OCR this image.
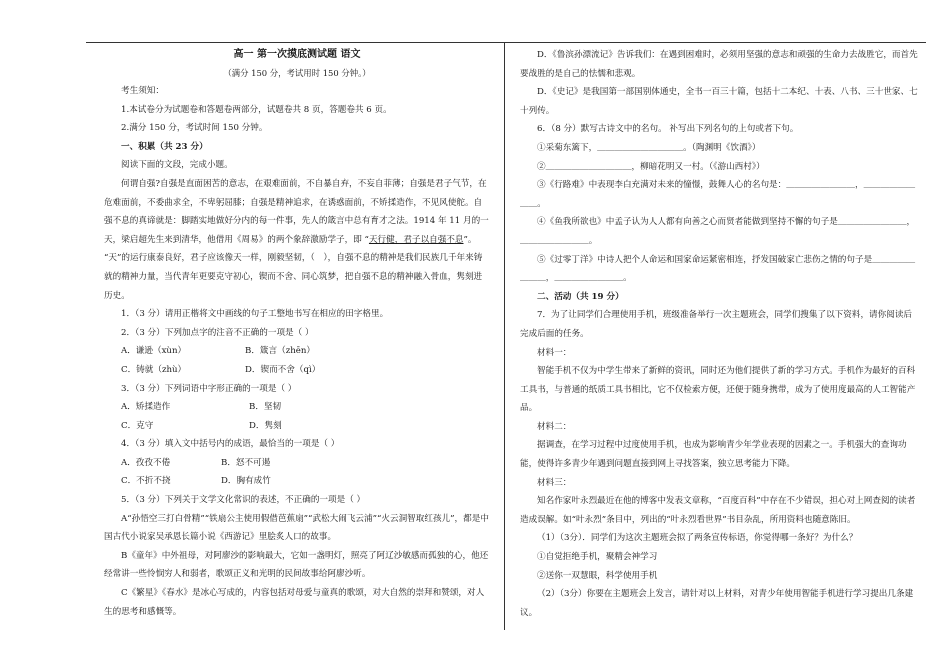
高一 第一次摸底测试题 语文

（满分 150 分，考试用时 150 分钟。）

考生须知：

1.本试卷分为试题卷和答题卷两部分，试题卷共 8 页，答题卷共 6 页。

2.满分 150 分，考试时间 150 分钟。

一、积累（共 23 分）

阅读下面的文段，完成小题。

何谓自强?自强是直面困苦的意志，在艰难面前，不自暴自弃，不妄自菲薄；自强是君子气节，在危难面前，不委曲求全，不卑躬屈膝；自强是精神追求，在诱惑面前，不矫揉造作，不见风使舵。自强不息的真谛就是：脚踏实地做好分内的每一件事，先人的箴言中总有育才之法。1914 年 11 月的一天，梁启超先生来到清华，他借用《周易》的两个象辞激励学子，即 “天行健，君子以自强不息”。 “天”的运行康泰良好，君子应该像天一样，刚毅坚韧，（　），自强不息的精神是我们民族几千年来铸就的精神力量，当代青年更要克守初心，锲而不舍、同心筑梦，把自强不息的精神融入骨血，隽刻进历史。

1．（3 分）请用正楷将文中画线的句子工整地书写在相应的田字格里。

2．（3 分）下列加点字的注音不正确的一项是（ ）

A．谦逊（xùn）	B．箴言（zhēn）

C．铸就（zhù）	D．锲而不舍（qì）

3．（3 分）下列词语中字形正确的一项是（ ）

A．矫揉造作	B．坚韧

C．克守	D．隽刻

4．（3 分）填入文中括号内的成语，最恰当的一项是（ ）

A．孜孜不倦	B．怒不可遏

C．不折不挠	D．胸有成竹

5．（3 分）下列关于文学文化常识的表述，不正确的一项是（ ）

A“孙悟空三打白骨精”“铁扇公主使用假借芭蕉扇”“武松大闹飞云浦”“火云洞智取红孩儿”，都是中国古代小说家吴承恩长篇小说《西游记》里脍炙人口的故事。

B《童年》中外祖母，对阿廖沙的影响最大，它如一盏明灯，照亮了阿辽沙敏感而孤独的心，他还经常讲一些怜悯穷人和弱者，歌颂正义和光明的民间故事给阿廖沙听。

C《繁星》《春水》是冰心写成的，内容包括对母爱与童真的歌颂，对大自然的崇拜和赞颂，对人生的思考和感慨等。

D．《鲁滨孙漂流记》告诉我们：在遇到困难时，必须用坚强的意志和顽强的生命力去战胜它，而首先要战胜的是自己的怯懦和悲观。

D．《史记》是我国第一部国别体通史，全书一百三十篇，包括十二本纪、十表、八书、三十世家、七十列传。

6．（8 分）默写古诗文中的名句。 补写出下列名句的上句或者下句。

①采菊东篱下，＿＿＿＿＿＿＿＿＿＿。（陶渊明《饮酒》）

②＿＿＿＿＿＿＿＿＿＿，柳暗花明又一村。（《游山西村》）

③《行路难》中表现李白充满对未来的憧憬，鼓舞人心的名句是：＿＿＿＿＿＿＿＿，＿＿＿＿＿＿＿＿。

④《鱼我所欲也》中孟子认为人人都有向善之心而贤者能做到坚持不懈的句子是＿＿＿＿＿＿＿＿，＿＿＿＿＿＿＿＿。

⑤《过零丁洋》中诗人把个人命运和国家命运紧密相连，抒发国破家亡悲伤之情的句子是＿＿＿＿＿＿＿＿，＿＿＿＿＿＿＿＿。

二、活动（共 19 分）

7．为了让同学们合理使用手机，班级准备举行一次主题班会，同学们搜集了以下资料，请你阅读后完成后面的任务。

材料一：

智能手机不仅为中学生带来了新鲜的资讯，同时还为他们提供了新的学习方式。手机作为最好的百科工具书，与普通的纸质工具书相比，它不仅检索方便，还便于随身携带，成为了使用度最高的人工智能产品。

材料二：

据调查，在学习过程中过度使用手机，也成为影响青少年学业表现的因素之一。手机强大的查询功能，使得许多青少年遇到问题直接到网上寻找答案，独立思考能力下降。

材料三：

知名作家叶永烈最近在他的博客中发表文章称，“百度百科”中存在不少错误，担心对上网查阅的读者造成误解。如“叶永烈”条目中，列出的“叶永烈看世界”书目杂乱，所用资料也随意陈旧。

（1）（3分）．同学们为这次主题班会拟了两条宣传标语，你觉得哪一条好？为什么？

①自觉拒绝手机，聚精会神学习

②送你一双慧眼，科学使用手机

（2）（3分）你要在主题班会上发言，请针对以上材料，对青少年使用智能手机进行学习提出几条建议。
